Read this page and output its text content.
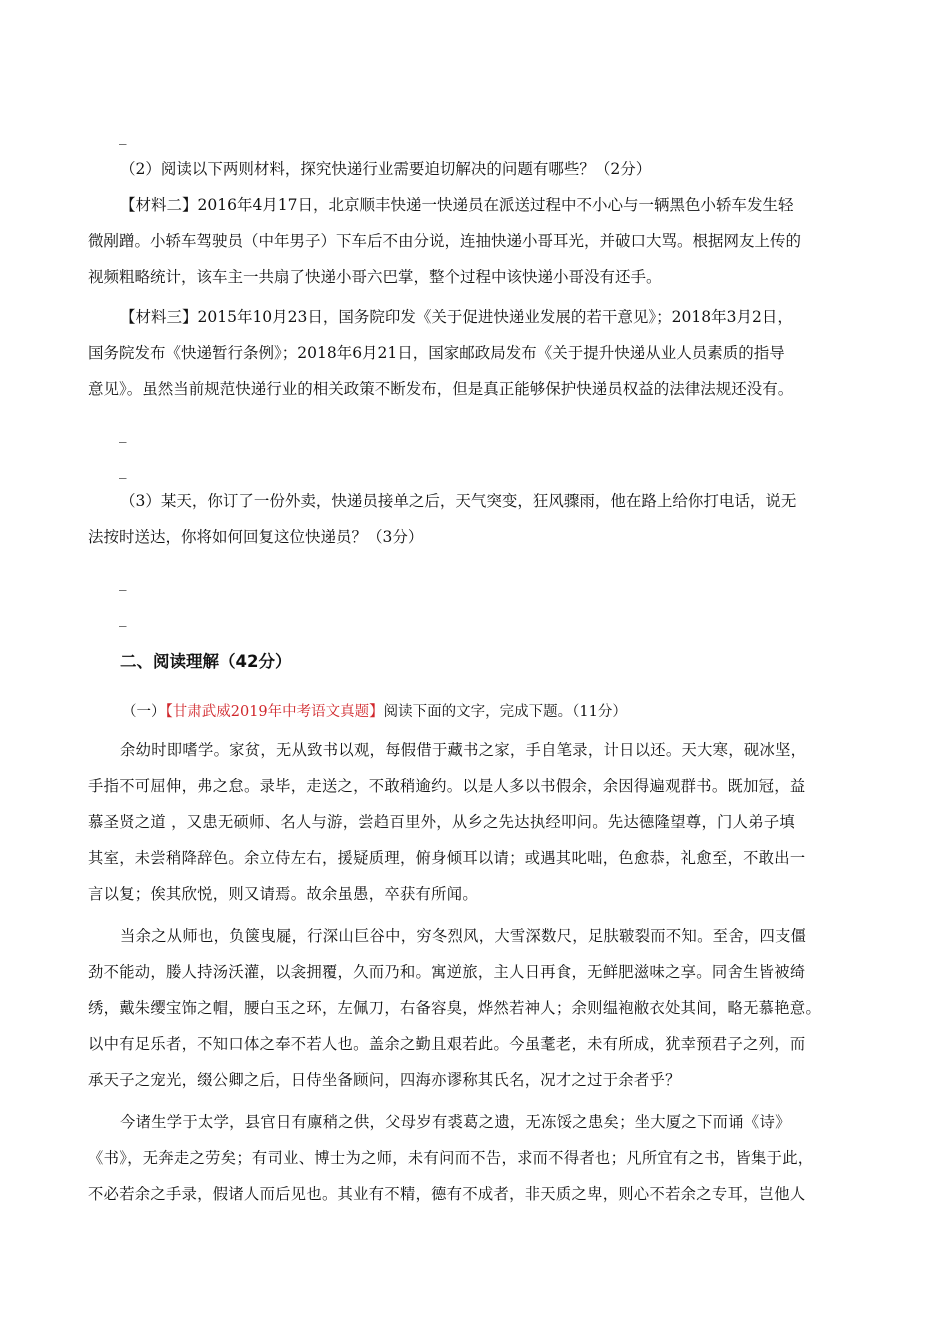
_
（2）阅读以下两则材料，探究快递行业需要迫切解决的问题有哪些？（2分）
【材料二】2016年4月17日，北京顺丰快递一快递员在派送过程中不小心与一辆黑色小轿车发生轻
微剐蹭。小轿车驾驶员（中年男子）下车后不由分说，连抽快递小哥耳光，并破口大骂。根据网友上传的
视频粗略统计，该车主一共扇了快递小哥六巴掌，整个过程中该快递小哥没有还手。
【材料三】2015年10月23日，国务院印发《关于促进快递业发展的若干意见》；2018年3月2日，
国务院发布《快递暂行条例》；2018年6月21日，国家邮政局发布《关于提升快递从业人员素质的指导
意见》。虽然当前规范快递行业的相关政策不断发布，但是真正能够保护快递员权益的法律法规还没有。
_
_
（3）某天，你订了一份外卖，快递员接单之后，天气突变，狂风骤雨，他在路上给你打电话，说无
法按时送达，你将如何回复这位快递员？（3分）
_
_
二、阅读理解（42分）
（一）【甘肃武威2019年中考语文真题】阅读下面的文字，完成下题。（11分）
余幼时即嗜学。家贫，无从致书以观，每假借于藏书之家，手自笔录，计日以还。天大寒，砚冰坚，
手指不可屈伸，弗之怠。录毕，走送之，不敢稍逾约。以是人多以书假余，余因得遍观群书。既加冠，益
慕圣贤之道 ，又患无硕师、名人与游，尝趋百里外，从乡之先达执经叩问。先达德隆望尊，门人弟子填
其室，未尝稍降辞色。余立侍左右，援疑质理，俯身倾耳以请；或遇其叱咄，色愈恭，礼愈至，不敢出一
言以复；俟其欣悦，则又请焉。故余虽愚，卒获有所闻。
当余之从师也，负箧曳屣，行深山巨谷中，穷冬烈风，大雪深数尺，足肤皲裂而不知。至舍，四支僵
劲不能动，媵人持汤沃灌，以衾拥覆，久而乃和。寓逆旅，主人日再食，无鲜肥滋味之享。同舍生皆被绮
绣，戴朱缨宝饰之帽，腰白玉之环，左佩刀，右备容臭，烨然若神人；余则缊袍敝衣处其间，略无慕艳意。
以中有足乐者，不知口体之奉不若人也。盖余之勤且艰若此。今虽耄老，未有所成，犹幸预君子之列，而
承天子之宠光，缀公卿之后，日侍坐备顾问，四海亦谬称其氏名，况才之过于余者乎？
今诸生学于太学，县官日有廪稍之供，父母岁有裘葛之遗，无冻馁之患矣；坐大厦之下而诵《诗》
《书》，无奔走之劳矣；有司业、博士为之师，未有问而不告，求而不得者也；凡所宜有之书，皆集于此，
不必若余之手录，假诸人而后见也。其业有不精，德有不成者，非天质之卑，则心不若余之专耳，岂他人
